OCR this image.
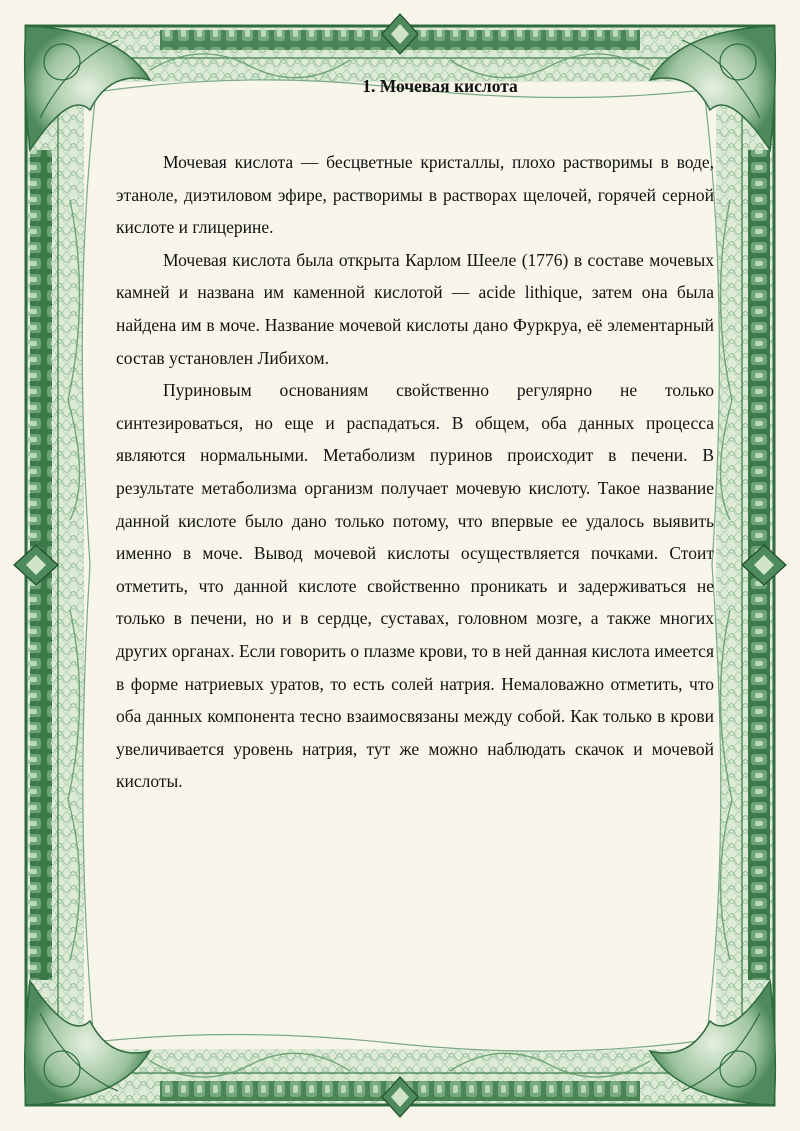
1. Мочевая кислота

Мочевая кислота — бесцветные кристаллы, плохо растворимы в воде, этаноле, диэтиловом эфире, растворимы в растворах щелочей, горячей серной кислоте и глицерине.

Мочевая кислота была открыта Карлом Шееле (1776) в составе мочевых камней и названа им каменной кислотой — acide lithique, затем она была найдена им в моче. Название мочевой кислоты дано Фуркруа, её элементарный состав установлен Либихом.

Пуриновым основаниям свойственно регулярно не только синтезироваться, но еще и распадаться. В общем, оба данных процесса являются нормальными. Метаболизм пуринов происходит в печени. В результате метаболизма организм получает мочевую кислоту. Такое название данной кислоте было дано только потому, что впервые ее удалось выявить именно в моче. Вывод мочевой кислоты осуществляется почками. Стоит отметить, что данной кислоте свойственно проникать и задерживаться не только в печени, но и в сердце, суставах, головном мозге, а также многих других органах. Если говорить о плазме крови, то в ней данная кислота имеется в форме натриевых уратов, то есть солей натрия. Немаловажно отметить, что оба данных компонента тесно взаимосвязаны между собой. Как только в крови увеличивается уровень натрия, тут же можно наблюдать скачок и мочевой кислоты.
